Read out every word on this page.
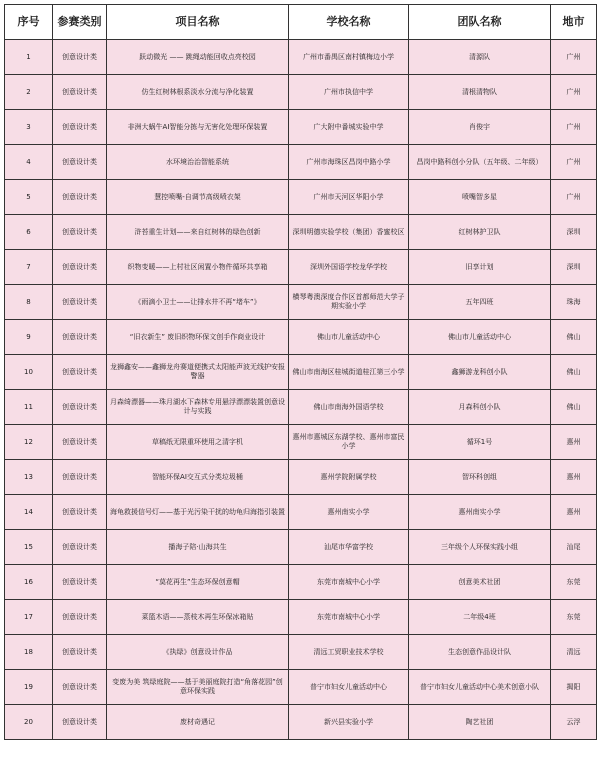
序号	参赛类别	项目名称	学校名称	团队名称	地市
1	创意设计类	跃动微光 —— 跳绳动能回收点亮校园	广州市番禺区南村镇梅边小学	清源队	广州
2	创意设计类	仿生红树林根系淡水分流与净化装置	广州市执信中学	清根清物队	广州
3	创意设计类	非洲大蜗牛AI智能分拣与无害化处理环保装置	广大附中番城实验中学	肖俊宇	广州
4	创意设计类	水环境治治智能系统	广州市海珠区昌岗中路小学	昌岗中路科创小分队（五年级、二年级）	广州
5	创意设计类	慧控喷嘴-自调节高级喷衣架	广州市天河区华阳小学	喷嘴智多星	广州
6	创意设计类	浒苔重生计划——来自红树林的绿色创新	深圳明德实验学校（集团）香蜜校区	红树林护卫队	深圳
7	创意设计类	织物变暖——上村社区闲置小物件循环共享箱	深圳外国语学校龙华学校	旧享计划	深圳
8	创意设计类	《雨滴小卫士——让排水井不再“堵车”》	横琴粤澳深度合作区首都师范大学子期实验小学	五年四班	珠海
9	创意设计类	“旧衣新生” 废旧织物环保文创手作商业设计	佛山市儿童活动中心	佛山市儿童活动中心	佛山
10	创意设计类	龙狮鑫安——鑫狮龙舟赛道便携式太阳能声波无线护安报警器	佛山市南海区桂城街道桂江第三小学	鑫狮游龙科创小队	佛山
11	创意设计类	月森绮漂器——珠月湖水下森林专用悬浮漂漂装置创意设计与实践	佛山市南海外国语学校	月森科创小队	佛山
12	创意设计类	草稿纸无限重环使用之清字机	惠州市惠城区东湖学校、惠州市富民小学	循环1号	惠州
13	创意设计类	智能环保AI交互式分类垃圾桶	惠州学院附属学校	智环科创组	惠州
14	创意设计类	海龟救援信号灯——基于光污染干扰的幼龟归海指引装置	惠州南实小学	惠州南实小学	惠州
15	创意设计类	播海子陪·山海共生	汕尾市华富学校	三年级个人环保实践小组	汕尾
16	创意设计类	“莫花再生”生态环保创意帽	东莞市南城中心小学	创意美术社团	东莞
17	创意设计类	菜篮木语——蒸枝木再生环保冰箱贴	东莞市南城中心小学	二年级4班	东莞
18	创意设计类	《执绿》创意设计作品	清远工贸职业技术学校	生态创意作品设计队	清远
19	创意设计类	变废为美 筑绿庭院——基于美丽庭院打造“角落花园”创意环保实践	普宁市妇女儿童活动中心	普宁市妇女儿童活动中心美术创意小队	揭阳
20	创意设计类	废材奇遇记	新兴县实验小学	陶艺社团	云浮
